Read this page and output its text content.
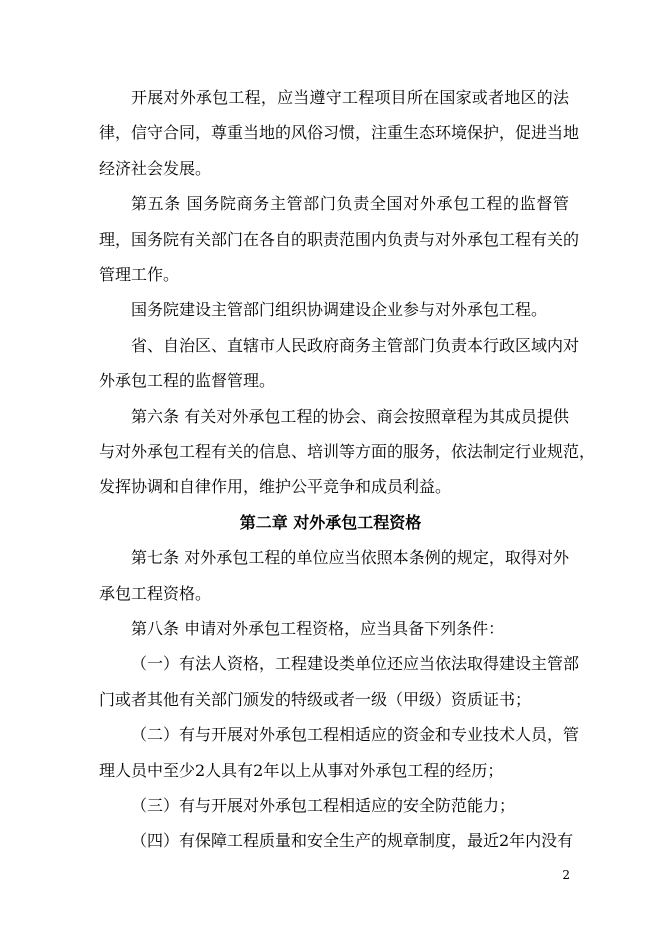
开展对外承包工程，应当遵守工程项目所在国家或者地区的法
律，信守合同，尊重当地的风俗习惯，注重生态环境保护，促进当地
经济社会发展。
第五条 国务院商务主管部门负责全国对外承包工程的监督管
理，国务院有关部门在各自的职责范围内负责与对外承包工程有关的
管理工作。
国务院建设主管部门组织协调建设企业参与对外承包工程。
省、自治区、直辖市人民政府商务主管部门负责本行政区域内对
外承包工程的监督管理。
第六条 有关对外承包工程的协会、商会按照章程为其成员提供
与对外承包工程有关的信息、培训等方面的服务，依法制定行业规范，
发挥协调和自律作用，维护公平竞争和成员利益。
第二章 对外承包工程资格
第七条 对外承包工程的单位应当依照本条例的规定，取得对外
承包工程资格。
第八条 申请对外承包工程资格，应当具备下列条件：
（一）有法人资格，工程建设类单位还应当依法取得建设主管部
门或者其他有关部门颁发的特级或者一级（甲级）资质证书；
（二）有与开展对外承包工程相适应的资金和专业技术人员，管
理人员中至少2人具有2年以上从事对外承包工程的经历；
（三）有与开展对外承包工程相适应的安全防范能力；
（四）有保障工程质量和安全生产的规章制度，最近2年内没有
2
